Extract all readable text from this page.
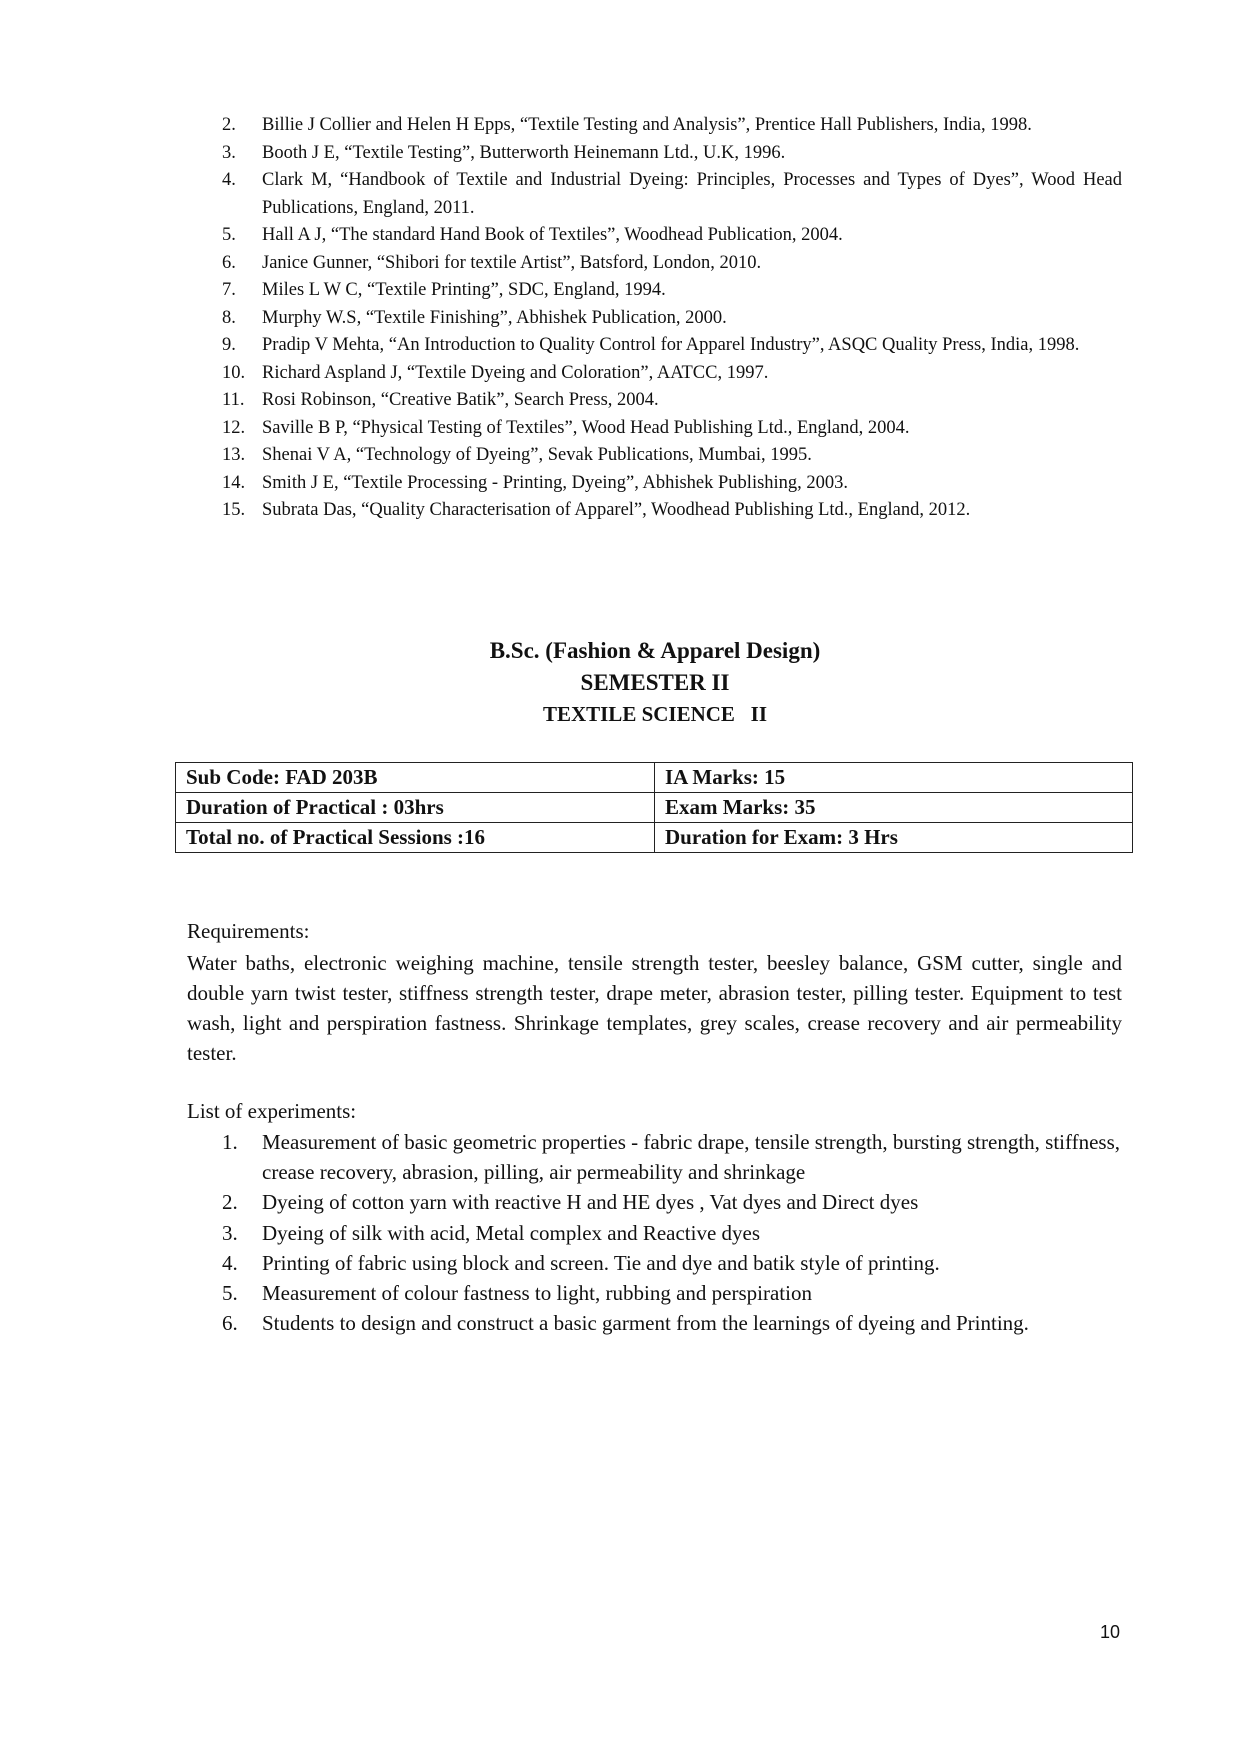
2.	Billie J Collier and Helen H Epps, “Textile Testing and Analysis”, Prentice Hall Publishers, India, 1998.
3.	Booth J E, “Textile Testing”, Butterworth Heinemann Ltd., U.K, 1996.
4.	Clark M, “Handbook of Textile and Industrial Dyeing: Principles, Processes and Types of Dyes”, Wood Head Publications, England, 2011.
5.	Hall A J, “The standard Hand Book of Textiles”, Woodhead Publication, 2004.
6.	Janice Gunner, “Shibori for textile Artist”, Batsford, London, 2010.
7.	Miles L W C, “Textile Printing”, SDC, England, 1994.
8.	Murphy W.S, “Textile Finishing”, Abhishek Publication, 2000.
9.	Pradip V Mehta, “An Introduction to Quality Control for Apparel Industry”, ASQC Quality Press, India, 1998.
10. Richard Aspland J, “Textile Dyeing and Coloration”, AATCC, 1997.
11. Rosi Robinson, “Creative Batik”, Search Press, 2004.
12. Saville B P, “Physical Testing of Textiles”, Wood Head Publishing Ltd., England, 2004.
13. Shenai V A, “Technology of Dyeing”, Sevak Publications, Mumbai, 1995.
14. Smith J E, “Textile Processing - Printing, Dyeing”, Abhishek Publishing, 2003.
15. Subrata Das, “Quality Characterisation of Apparel”, Woodhead Publishing Ltd., England, 2012.
B.Sc. (Fashion & Apparel Design)
SEMESTER II
TEXTILE SCIENCE   II
Sub Code: FAD 203B	IA Marks: 15
Duration of Practical : 03hrs	Exam Marks: 35
Total no. of Practical Sessions :16	Duration for Exam: 3 Hrs
Requirements:

Water baths, electronic weighing machine, tensile strength tester, beesley balance, GSM cutter, single and double yarn twist tester, stiffness strength tester, drape meter, abrasion tester, pilling tester. Equipment to test wash, light and perspiration fastness. Shrinkage templates, grey scales, crease recovery and air permeability tester.

List of experiments:
1.	Measurement of basic geometric properties - fabric drape, tensile strength, bursting strength, stiffness, crease recovery, abrasion, pilling, air permeability and shrinkage
2.	Dyeing of cotton yarn with reactive H and HE dyes , Vat dyes and Direct dyes
3.	Dyeing of silk with acid, Metal complex and Reactive dyes
4.	Printing of fabric using block and screen. Tie and dye and batik style of printing.
5.	Measurement of colour fastness to light, rubbing and perspiration
6.	Students to design and construct a basic garment from the learnings of dyeing and Printing.
10
